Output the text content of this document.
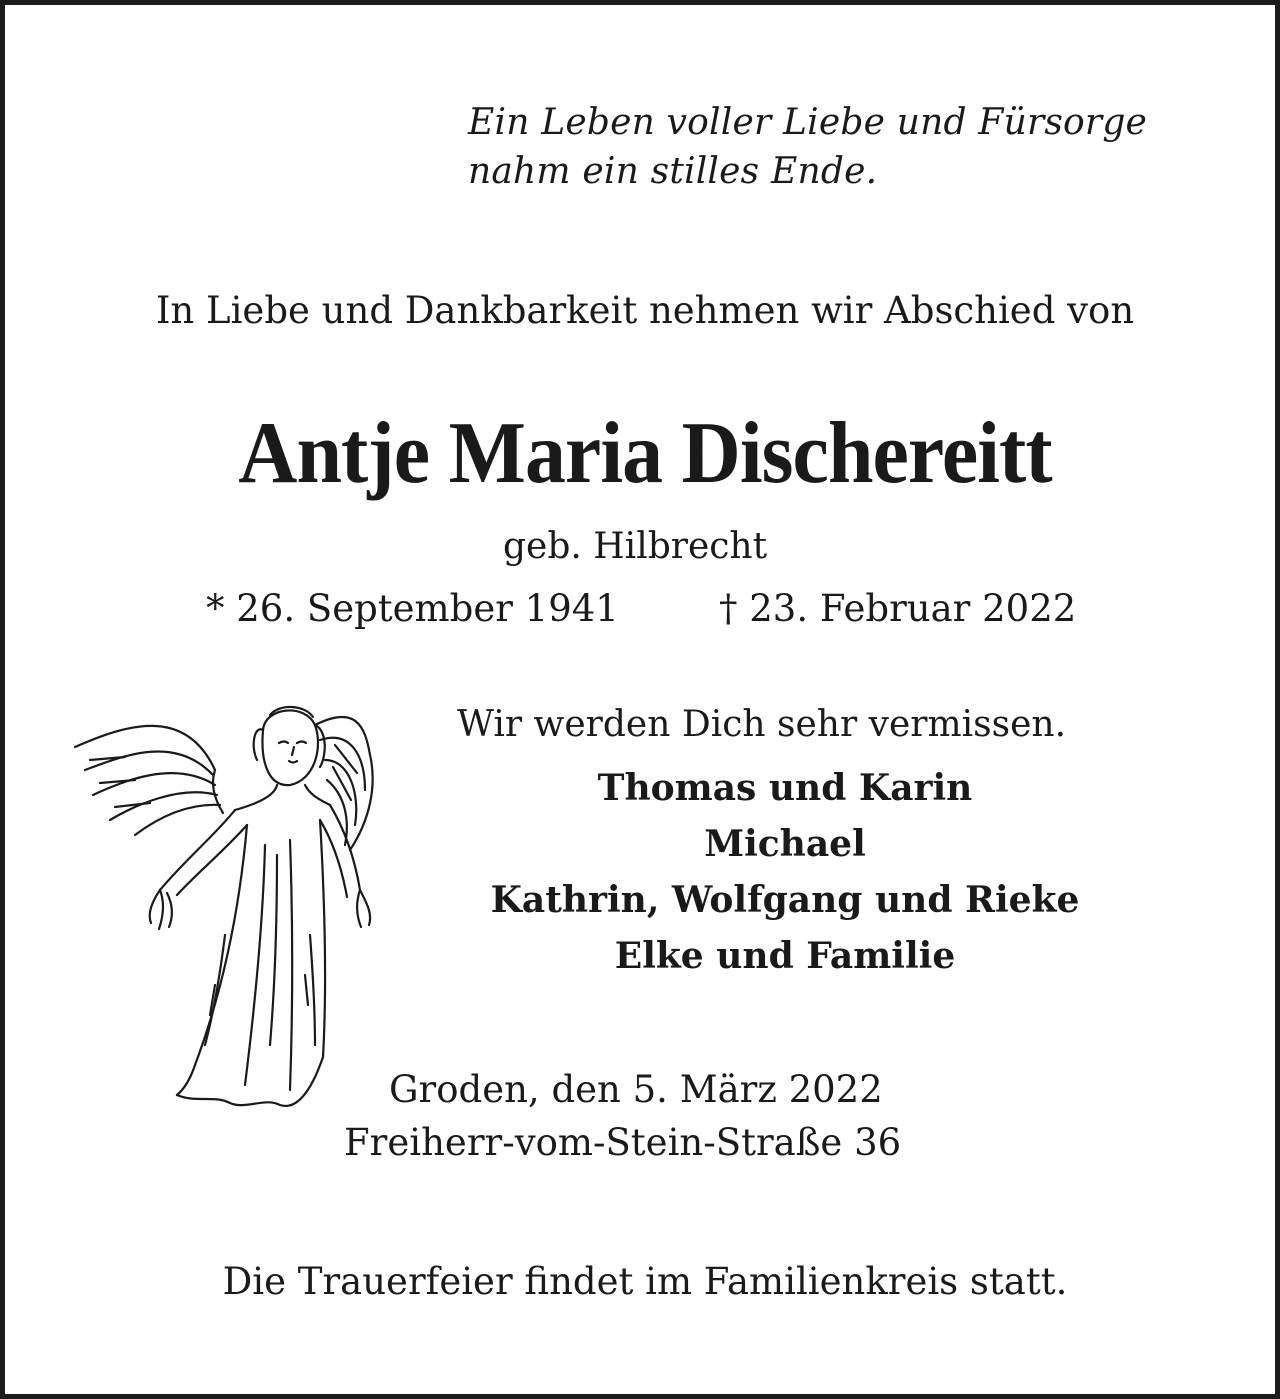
Ein Leben voller Liebe und Fürsorge

nahm ein stilles Ende.

In Liebe und Dankbarkeit nehmen wir Abschied von

Antje Maria Dischereitt

geb. Hilbrecht

* 26. September 1941	† 23. Februar 2022

Wir werden Dich sehr vermissen.

Thomas und Karin
Michael
Kathrin, Wolfgang und Rieke
Elke und Familie

Groden, den 5. März 2022

Freiherr-vom-Stein-Straße 36

Die Trauerfeier findet im Familienkreis statt.
